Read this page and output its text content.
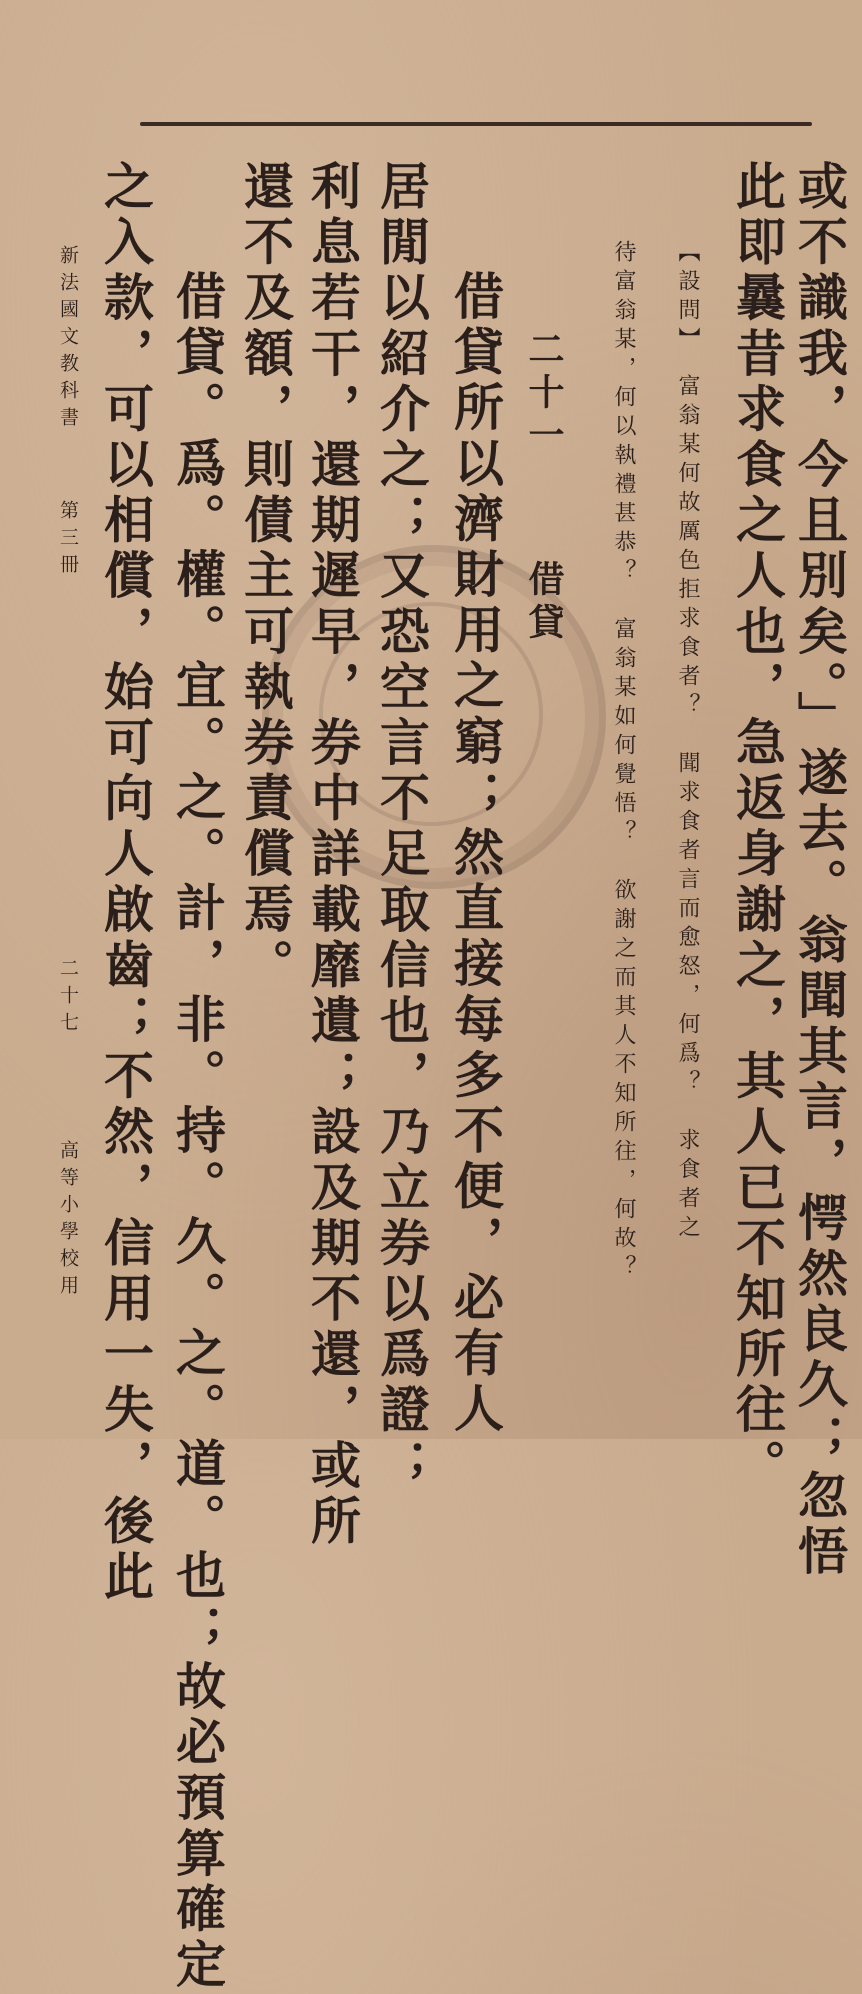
或不識我，今且別矣。」遂去。翁聞其言，愕然良久；忽悟
此即曩昔求食之人也，急返身謝之，其人已不知所往。
【設問】　富翁某何故厲色拒求食者？　聞求食者言而愈怒，何爲？　求食者之
待富翁某，何以執禮甚恭？　富翁某如何覺悟？　欲謝之而其人不知所往，何故？
二十一
借貸
借貸所以濟財用之窮；然直接每多不便，必有人
居閒以紹介之；又恐空言不足取信也，乃立券以爲證；
利息若干，還期遲早，券中詳載靡遺；設及期不還，或所
還不及額，則債主可執券責償焉。
借貸。爲。權。宜。之。計，非。持。久。之。道。也；故必預算確定
之入款，可以相償，始可向人啟齒；不然，信用一失，後此
新法國文教科書
第三冊
二十七
高等小學校用
